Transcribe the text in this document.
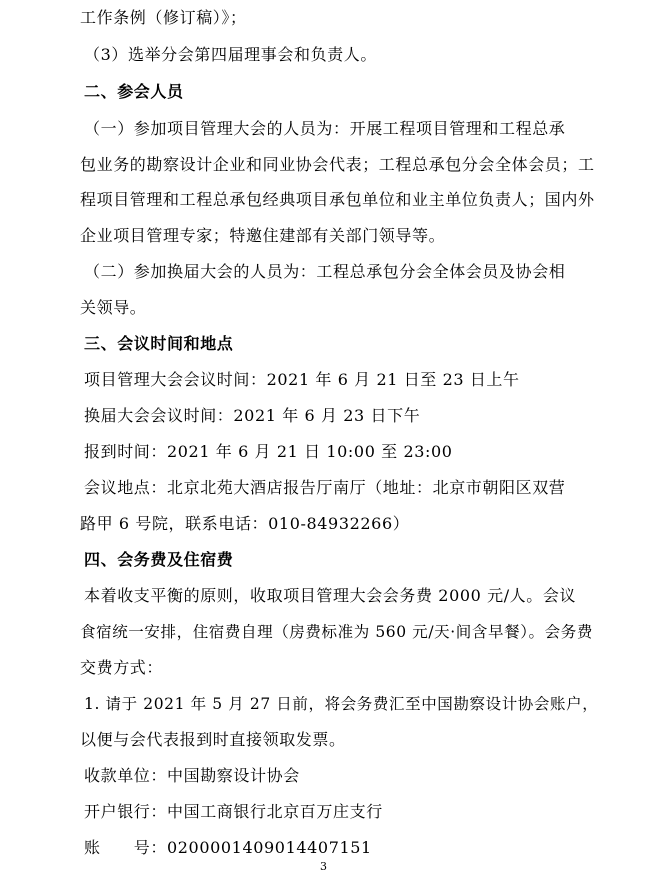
工作条例（修订稿）》；
（3）选举分会第四届理事会和负责人。
二、参会人员
（一）参加项目管理大会的人员为：开展工程项目管理和工程总承
包业务的勘察设计企业和同业协会代表；工程总承包分会全体会员；工
程项目管理和工程总承包经典项目承包单位和业主单位负责人；国内外
企业项目管理专家；特邀住建部有关部门领导等。
（二）参加换届大会的人员为：工程总承包分会全体会员及协会相
关领导。
三、会议时间和地点
项目管理大会会议时间：2021 年 6 月 21 日至 23 日上午
换届大会会议时间：2021 年 6 月 23 日下午
报到时间：2021 年 6 月 21 日 10:00 至 23:00
会议地点：北京北苑大酒店报告厅南厅（地址：北京市朝阳区双营
路甲 6 号院，联系电话：010-84932266）
四、会务费及住宿费
本着收支平衡的原则，收取项目管理大会会务费 2000 元/人。会议
食宿统一安排，住宿费自理（房费标准为 560 元/天·间含早餐）。会务费
交费方式：
1. 请于 2021 年 5 月 27 日前，将会务费汇至中国勘察设计协会账户，
以便与会代表报到时直接领取发票。
收款单位：中国勘察设计协会
开户银行：中国工商银行北京百万庄支行
账　　号：0200001409014407151
3
